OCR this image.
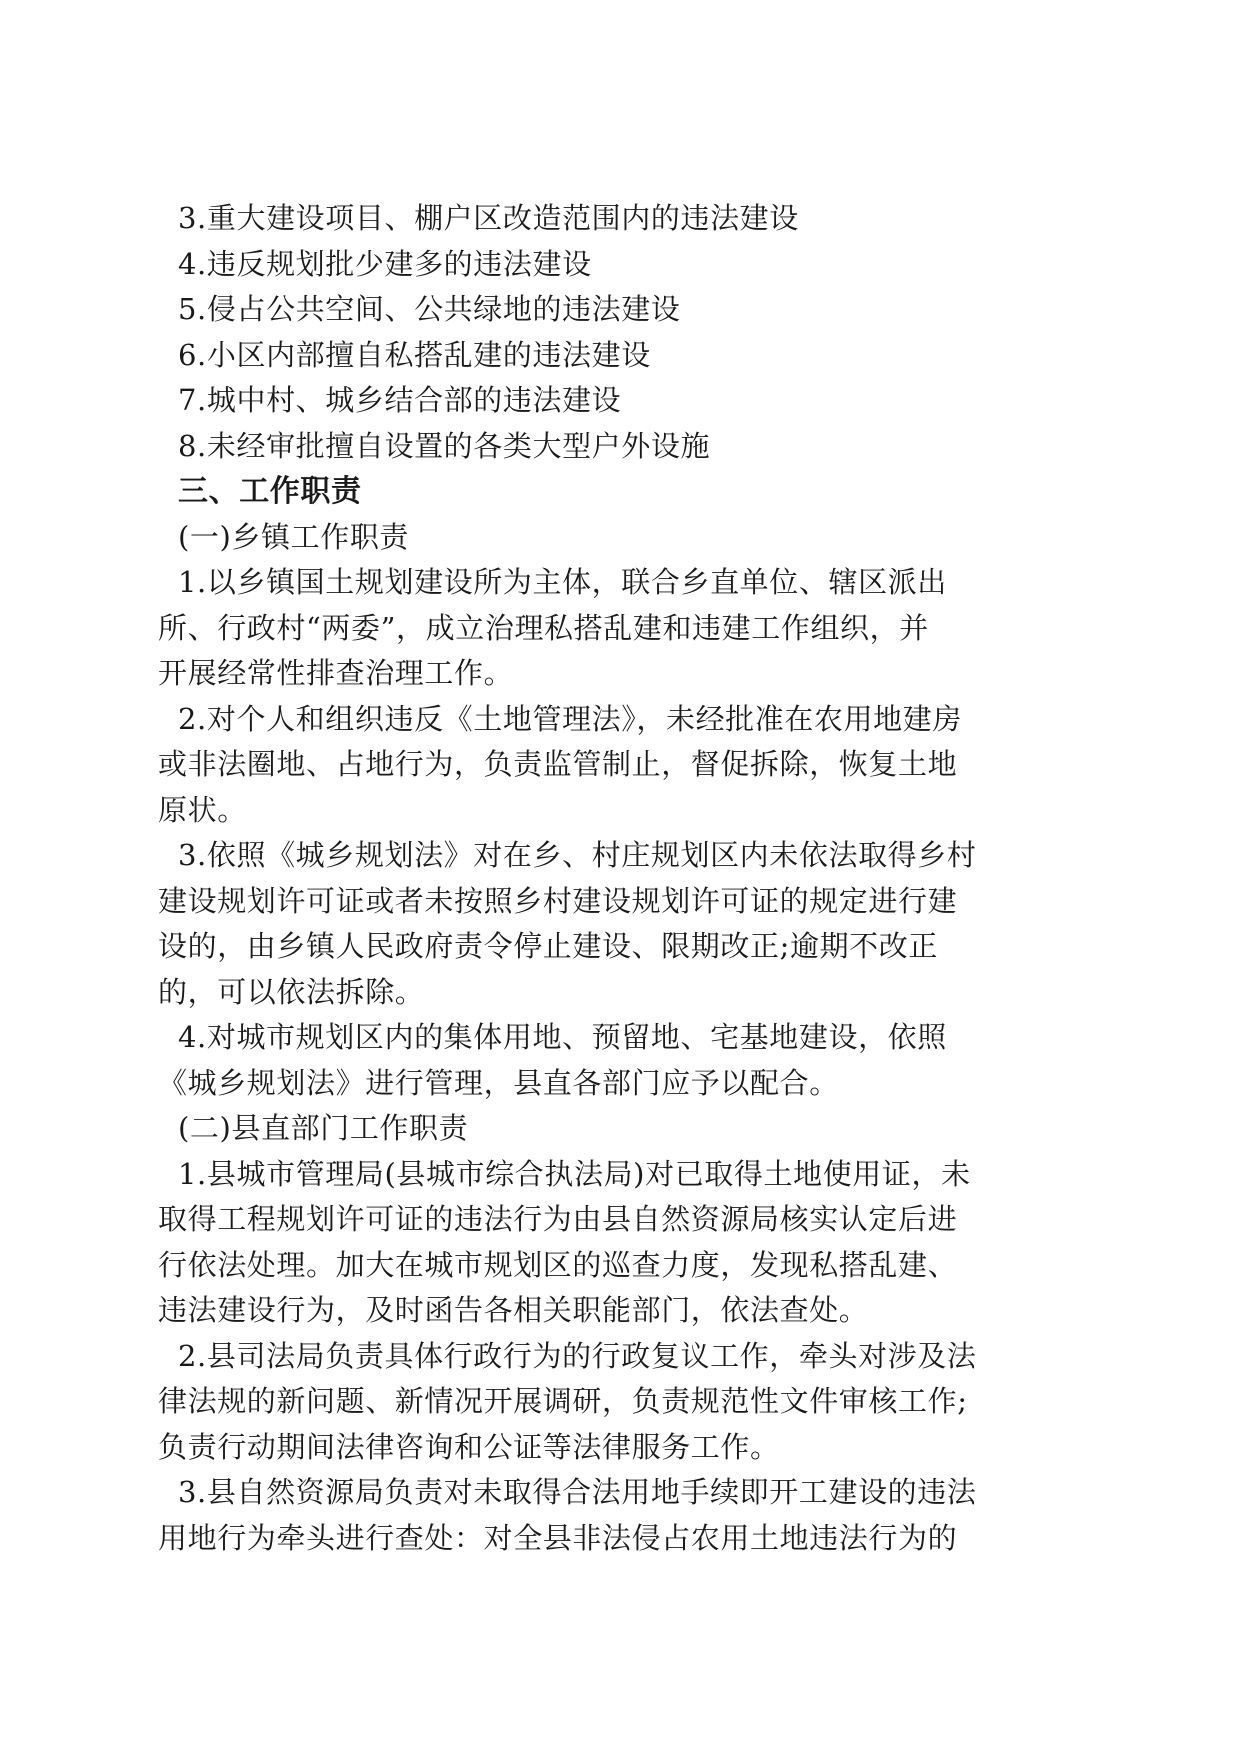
3.重大建设项目、棚户区改造范围内的违法建设
4.违反规划批少建多的违法建设
5.侵占公共空间、公共绿地的违法建设
6.小区内部擅自私搭乱建的违法建设
7.城中村、城乡结合部的违法建设
8.未经审批擅自设置的各类大型户外设施
三、工作职责
(一)乡镇工作职责
1.以乡镇国土规划建设所为主体，联合乡直单位、辖区派出
所、行政村“两委”，成立治理私搭乱建和违建工作组织，并
开展经常性排查治理工作。
2.对个人和组织违反《土地管理法》，未经批准在农用地建房
或非法圈地、占地行为，负责监管制止，督促拆除，恢复土地
原状。
3.依照《城乡规划法》对在乡、村庄规划区内未依法取得乡村
建设规划许可证或者未按照乡村建设规划许可证的规定进行建
设的，由乡镇人民政府责令停止建设、限期改正;逾期不改正
的，可以依法拆除。
4.对城市规划区内的集体用地、预留地、宅基地建设，依照
《城乡规划法》进行管理，县直各部门应予以配合。
(二)县直部门工作职责
1.县城市管理局(县城市综合执法局)对已取得土地使用证，未
取得工程规划许可证的违法行为由县自然资源局核实认定后进
行依法处理。加大在城市规划区的巡查力度，发现私搭乱建、
违法建设行为，及时函告各相关职能部门，依法查处。
2.县司法局负责具体行政行为的行政复议工作，牵头对涉及法
律法规的新问题、新情况开展调研，负责规范性文件审核工作;
负责行动期间法律咨询和公证等法律服务工作。
3.县自然资源局负责对未取得合法用地手续即开工建设的违法
用地行为牵头进行查处：对全县非法侵占农用土地违法行为的
